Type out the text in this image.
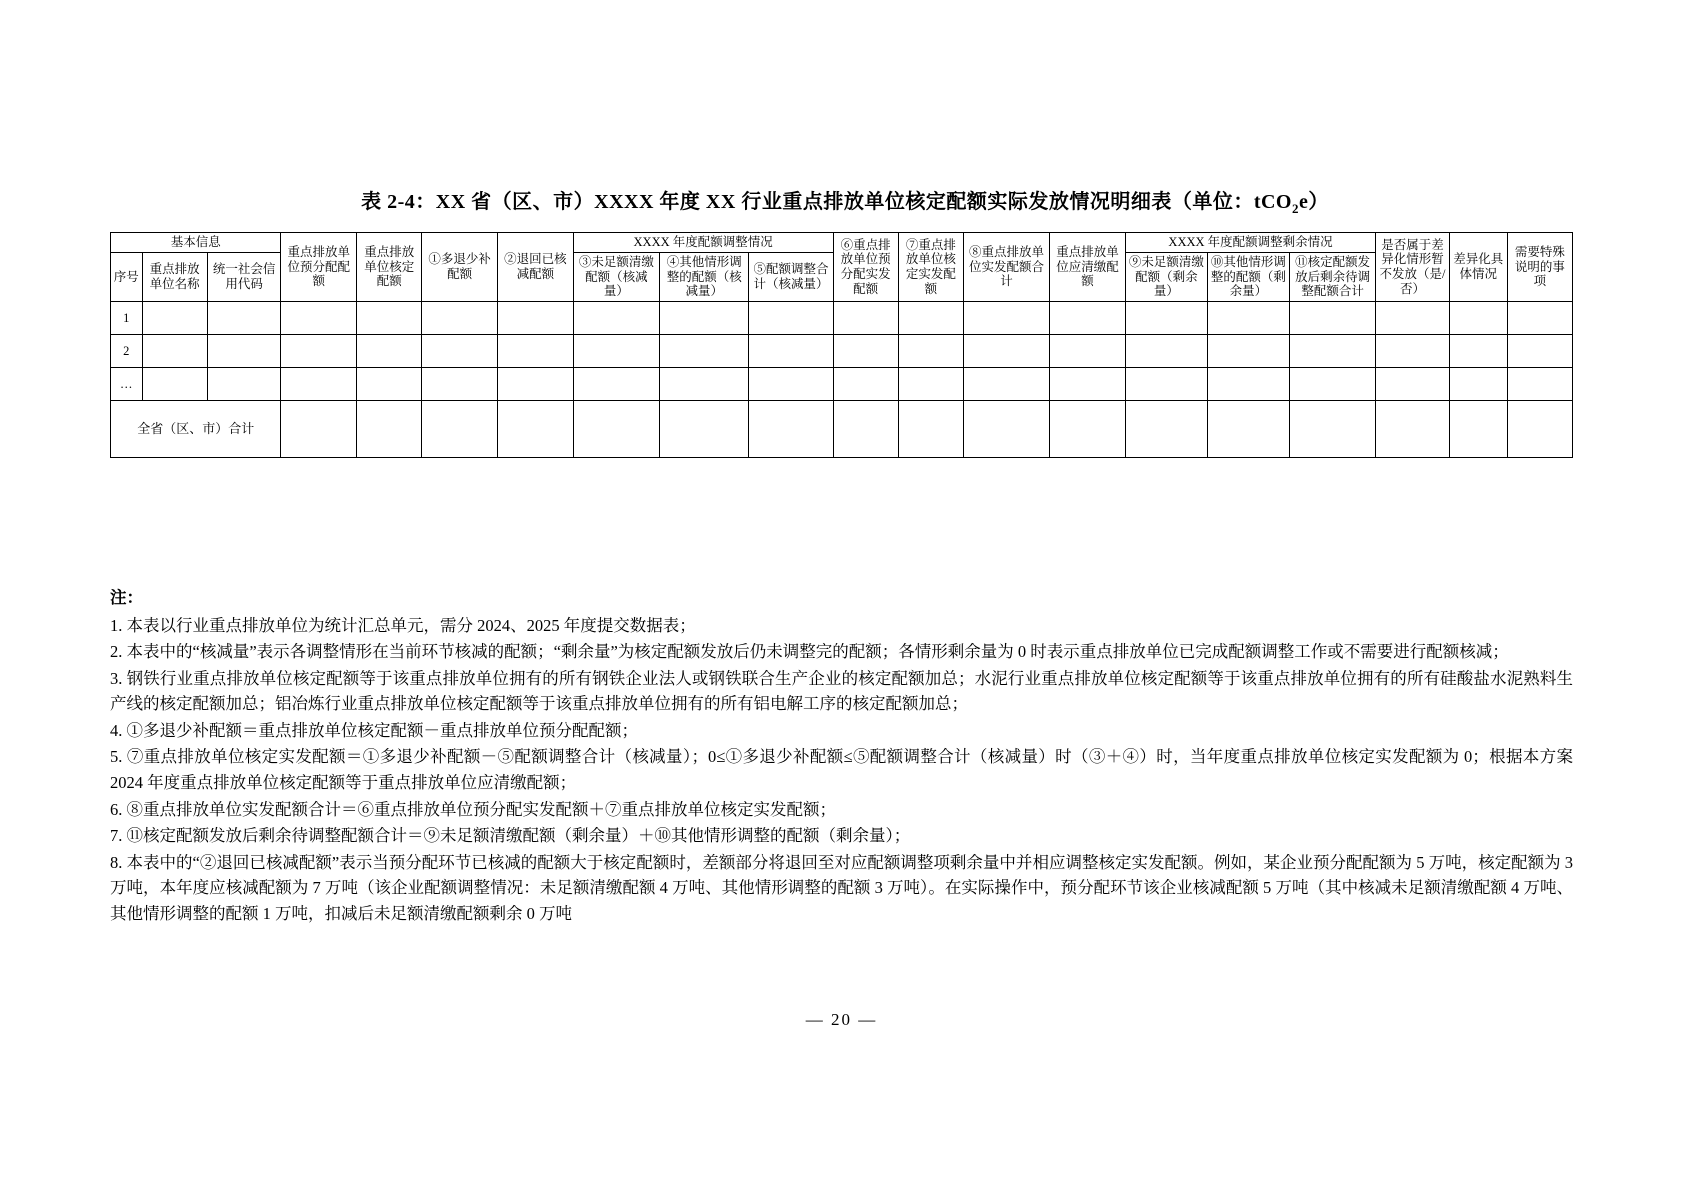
表 2-4：XX 省（区、市）XXXX 年度 XX 行业重点排放单位核定配额实际发放情况明细表（单位：tCO$_2$e）
基本信息			重点排放单位预分配配额	重点排放单位核定配额	①多退少补配额	②退回已核减配额	XXXX 年度配额调整情况			⑥重点排放单位预分配实发配额	⑦重点排放单位核定实发配额	⑧重点排放单位实发配额合计	重点排放单位应清缴配额	XXXX 年度配额调整剩余情况			是否属于差异化情形暂不发放（是/否）	差异化具体情况	需要特殊说明的事项
序号	重点排放单位名称	统一社会信用代码					③未足额清缴配额（核减量）	④其他情形调整的配额（核减量）	⑤配额调整合计（核减量）					⑨未足额清缴配额（剩余量）	⑩其他情形调整的配额（剩余量）	⑪核定配额发放后剩余待调整配额合计			
1																			
2																			
…																			
全省（区、市）合计																			

注：

1. 本表以行业重点排放单位为统计汇总单元，需分 2024、2025 年度提交数据表；

2. 本表中的“核减量”表示各调整情形在当前环节核减的配额；“剩余量”为核定配额发放后仍未调整完的配额；各情形剩余量为 0 时表示重点排放单位已完成配额调整工作或不需要进行配额核减；

3. 钢铁行业重点排放单位核定配额等于该重点排放单位拥有的所有钢铁企业法人或钢铁联合生产企业的核定配额加总；水泥行业重点排放单位核定配额等于该重点排放单位拥有的所有硅酸盐水泥熟料生产线的核定配额加总；铝冶炼行业重点排放单位核定配额等于该重点排放单位拥有的所有铝电解工序的核定配额加总；

4. ①多退少补配额＝重点排放单位核定配额－重点排放单位预分配配额；

5. ⑦重点排放单位核定实发配额＝①多退少补配额－⑤配额调整合计（核减量）；0≤①多退少补配额≤⑤配额调整合计（核减量）时（③＋④）时，当年度重点排放单位核定实发配额为 0；根据本方案 2024 年度重点排放单位核定配额等于重点排放单位应清缴配额；

6. ⑧重点排放单位实发配额合计＝⑥重点排放单位预分配实发配额＋⑦重点排放单位核定实发配额；

7. ⑪核定配额发放后剩余待调整配额合计＝⑨未足额清缴配额（剩余量）＋⑩其他情形调整的配额（剩余量）；

8. 本表中的“②退回已核减配额”表示当预分配环节已核减的配额大于核定配额时，差额部分将退回至对应配额调整项剩余量中并相应调整核定实发配额。例如，某企业预分配配额为 5 万吨，核定配额为 3 万吨，本年度应核减配额为 7 万吨（该企业配额调整情况：未足额清缴配额 4 万吨、其他情形调整的配额 3 万吨）。在实际操作中，预分配环节该企业核减配额 5 万吨（其中核减未足额清缴配额 4 万吨、其他情形调整的配额 1 万吨，扣减后未足额清缴配额剩余 0 万吨

— 20 —
